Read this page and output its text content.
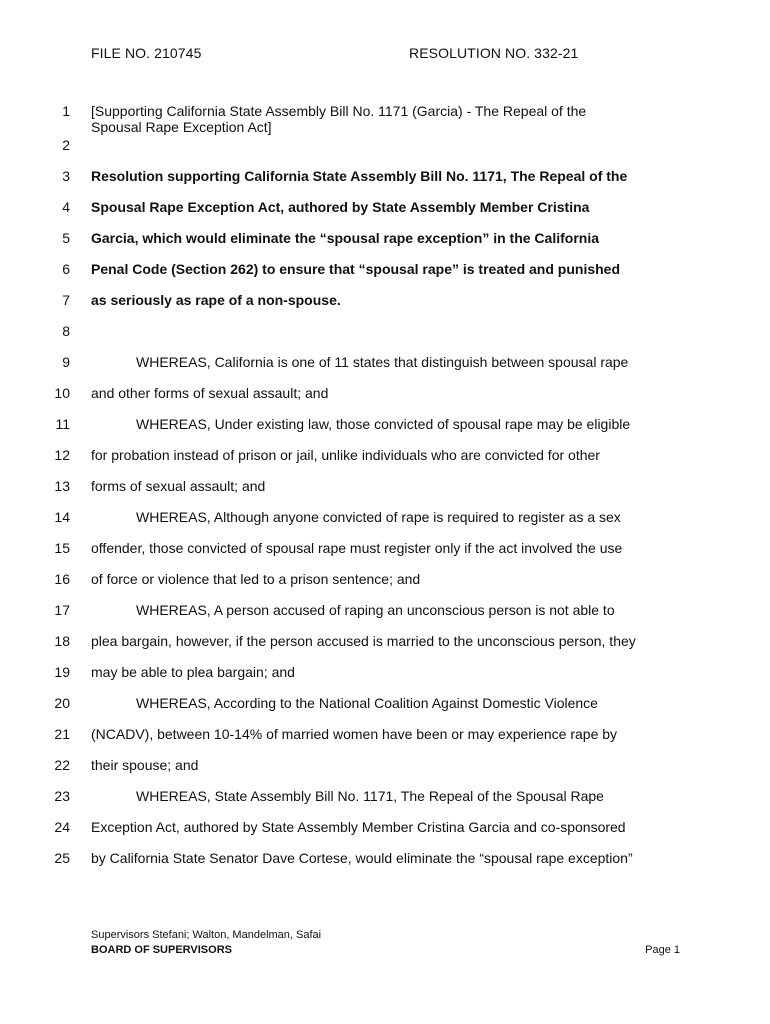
FILE NO. 210745	RESOLUTION NO. 332-21
1
2
3
4
5
6
7
8
9
10
11
12
13
14
15
16
17
18
19
20
21
22
23
24
25
[Supporting California State Assembly Bill No. 1171 (Garcia) - The Repeal of the
Spousal Rape Exception Act]
Resolution supporting California State Assembly Bill No. 1171, The Repeal of the
Spousal Rape Exception Act, authored by State Assembly Member Cristina
Garcia, which would eliminate the “spousal rape exception” in the California
Penal Code (Section 262) to ensure that “spousal rape” is treated and punished
as seriously as rape of a non-spouse.
WHEREAS, California is one of 11 states that distinguish between spousal rape
and other forms of sexual assault; and
WHEREAS, Under existing law, those convicted of spousal rape may be eligible
for probation instead of prison or jail, unlike individuals who are convicted for other
forms of sexual assault; and
WHEREAS, Although anyone convicted of rape is required to register as a sex
offender, those convicted of spousal rape must register only if the act involved the use
of force or violence that led to a prison sentence; and
WHEREAS, A person accused of raping an unconscious person is not able to
plea bargain, however, if the person accused is married to the unconscious person, they
may be able to plea bargain; and
WHEREAS, According to the National Coalition Against Domestic Violence
(NCADV), between 10-14% of married women have been or may experience rape by
their spouse; and
WHEREAS, State Assembly Bill No. 1171, The Repeal of the Spousal Rape
Exception Act, authored by State Assembly Member Cristina Garcia and co-sponsored
by California State Senator Dave Cortese, would eliminate the “spousal rape exception”
Supervisors Stefani; Walton, Mandelman, Safai
BOARD OF SUPERVISORS	Page 1
